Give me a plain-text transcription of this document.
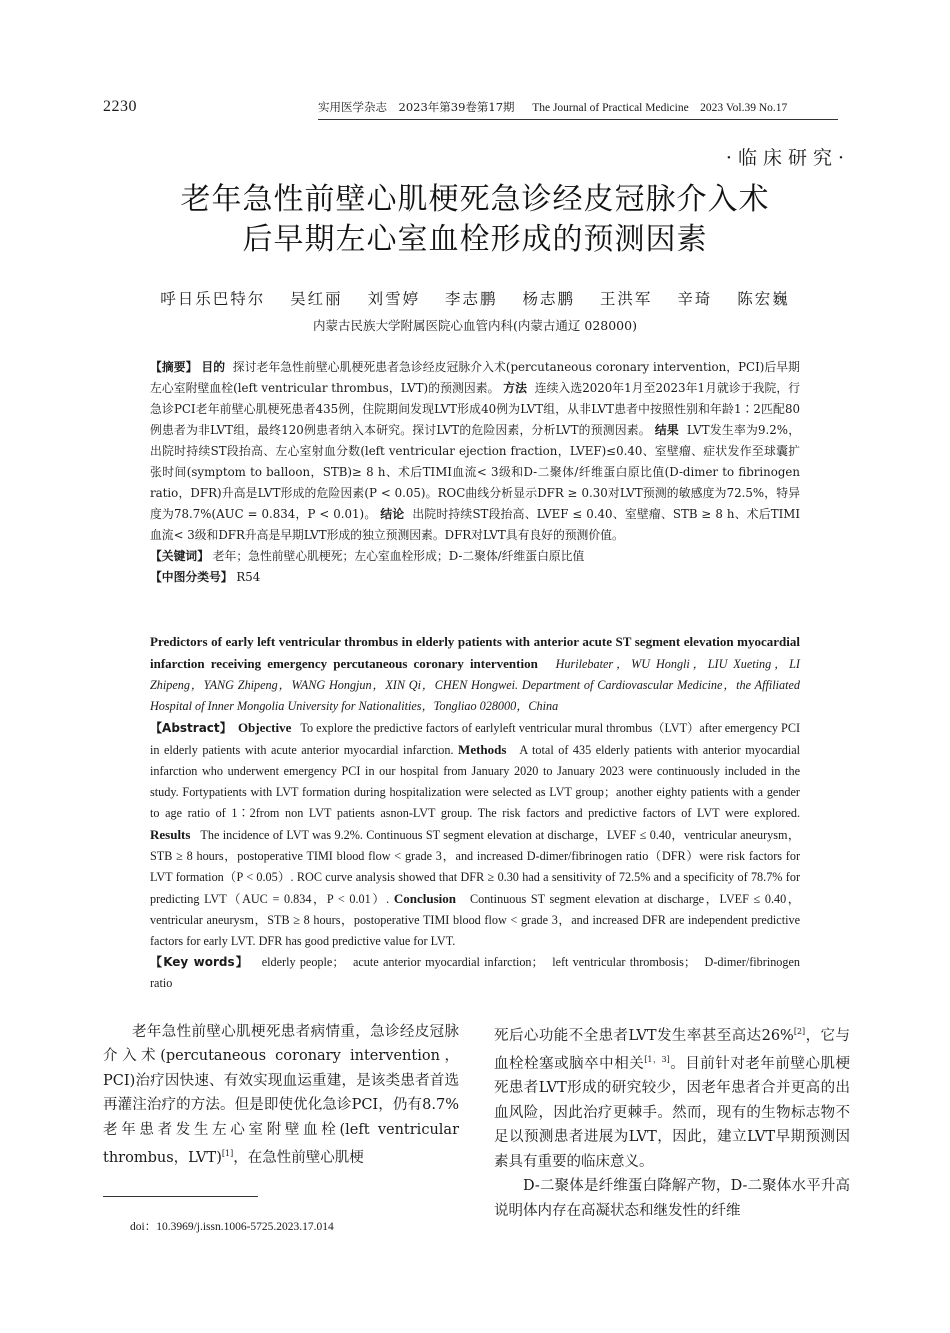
2230	实用医学杂志　2023年第39卷第17期 The Journal of Practical Medicine　2023 Vol.39 No.17
·临床研究·
老年急性前壁心肌梗死急诊经皮冠脉介入术
后早期左心室血栓形成的预测因素
呼日乐巴特尔 吴红丽 刘雪婷 李志鹏 杨志鹏 王洪军 辛琦 陈宏巍
内蒙古民族大学附属医院心血管内科(内蒙古通辽 028000)

【摘要】 目的 探讨老年急性前壁心肌梗死患者急诊经皮冠脉介入术(percutaneous coronary intervention，PCI)后早期左心室附壁血栓(left ventricular thrombus，LVT)的预测因素。 方法 连续入选2020年1月至2023年1月就诊于我院，行急诊PCI老年前壁心肌梗死患者435例，住院期间发现LVT形成40例为LVT组，从非LVT患者中按照性别和年龄1∶2匹配80例患者为非LVT组，最终120例患者纳入本研究。探讨LVT的危险因素，分析LVT的预测因素。 结果 LVT发生率为9.2%，出院时持续ST段抬高、左心室射血分数(left ventricular ejection fraction，LVEF)≤0.40、室壁瘤、症状发作至球囊扩张时间(symptom to balloon，STB)≥ 8 h、术后TIMI血流< 3级和D-二聚体/纤维蛋白原比值(D-dimer to fibrinogen ratio，DFR)升高是LVT形成的危险因素(P < 0.05)。ROC曲线分析显示DFR ≥ 0.30对LVT预测的敏感度为72.5%，特异度为78.7%(AUC = 0.834，P < 0.01)。 结论 出院时持续ST段抬高、LVEF ≤ 0.40、室壁瘤、STB ≥ 8 h、术后TIMI血流< 3级和DFR升高是早期LVT形成的独立预测因素。DFR对LVT具有良好的预测价值。

【关键词】 老年；急性前壁心肌梗死；左心室血栓形成；D-二聚体/纤维蛋白原比值

【中图分类号】 R54

Predictors of early left ventricular thrombus in elderly patients with anterior acute ST segment elevation myocardial infarction receiving emergency percutaneous coronary intervention Hurilebater，WU Hongli，LIU Xueting，LI Zhipeng，YANG Zhipeng，WANG Hongjun，XIN Qi，CHEN Hongwei. Department of Cardiovascular Medicine，the Affiliated Hospital of Inner Mongolia University for Nationalities，Tongliao 028000，China

【Abstract】 Objective To explore the predictive factors of earlyleft ventricular mural thrombus（LVT）after emergency PCI in elderly patients with acute anterior myocardial infarction. Methods A total of 435 elderly patients with anterior myocardial infarction who underwent emergency PCI in our hospital from January 2020 to January 2023 were continuously included in the study. Fortypatients with LVT formation during hospitalization were selected as LVT group；another eighty patients with a gender to age ratio of 1∶2from non LVT patients asnon-LVT group. The risk factors and predictive factors of LVT were explored. Results The incidence of LVT was 9.2%. Continuous ST segment elevation at discharge，LVEF ≤ 0.40，ventricular aneurysm，STB ≥ 8 hours，postoperative TIMI blood flow < grade 3，and increased D-dimer/fibrinogen ratio（DFR）were risk factors for LVT formation（P < 0.05）. ROC curve analysis showed that DFR ≥ 0.30 had a sensitivity of 72.5% and a specificity of 78.7% for predicting LVT（AUC = 0.834，P < 0.01）. Conclusion Continuous ST segment elevation at discharge，LVEF ≤ 0.40，ventricular aneurysm，STB ≥ 8 hours，postoperative TIMI blood flow < grade 3，and increased DFR are independent predictive factors for early LVT. DFR has good predictive value for LVT.

【Key words】 elderly people；　acute anterior myocardial infarction；　left ventricular thrombosis；　D-dimer/fibrinogen ratio

老年急性前壁心肌梗死患者病情重，急诊经皮冠脉介入术(percutaneous coronary intervention，PCI)治疗因快速、有效实现血运重建，是该类患者首选再灌注治疗的方法。但是即使优化急诊PCI，仍有8.7%老年患者发生左心室附壁血栓(left ventricular thrombus，LVT)[1]，在急性前壁心肌梗

死后心功能不全患者LVT发生率甚至高达26%[2]，它与血栓栓塞或脑卒中相关[1，3]。目前针对老年前壁心肌梗死患者LVT形成的研究较少，因老年患者合并更高的出血风险，因此治疗更棘手。然而，现有的生物标志物不足以预测患者进展为LVT，因此，建立LVT早期预测因素具有重要的临床意义。

D-二聚体是纤维蛋白降解产物，D-二聚体水平升高说明体内存在高凝状态和继发性的纤维

doi：10.3969/j.issn.1006-5725.2023.17.014
